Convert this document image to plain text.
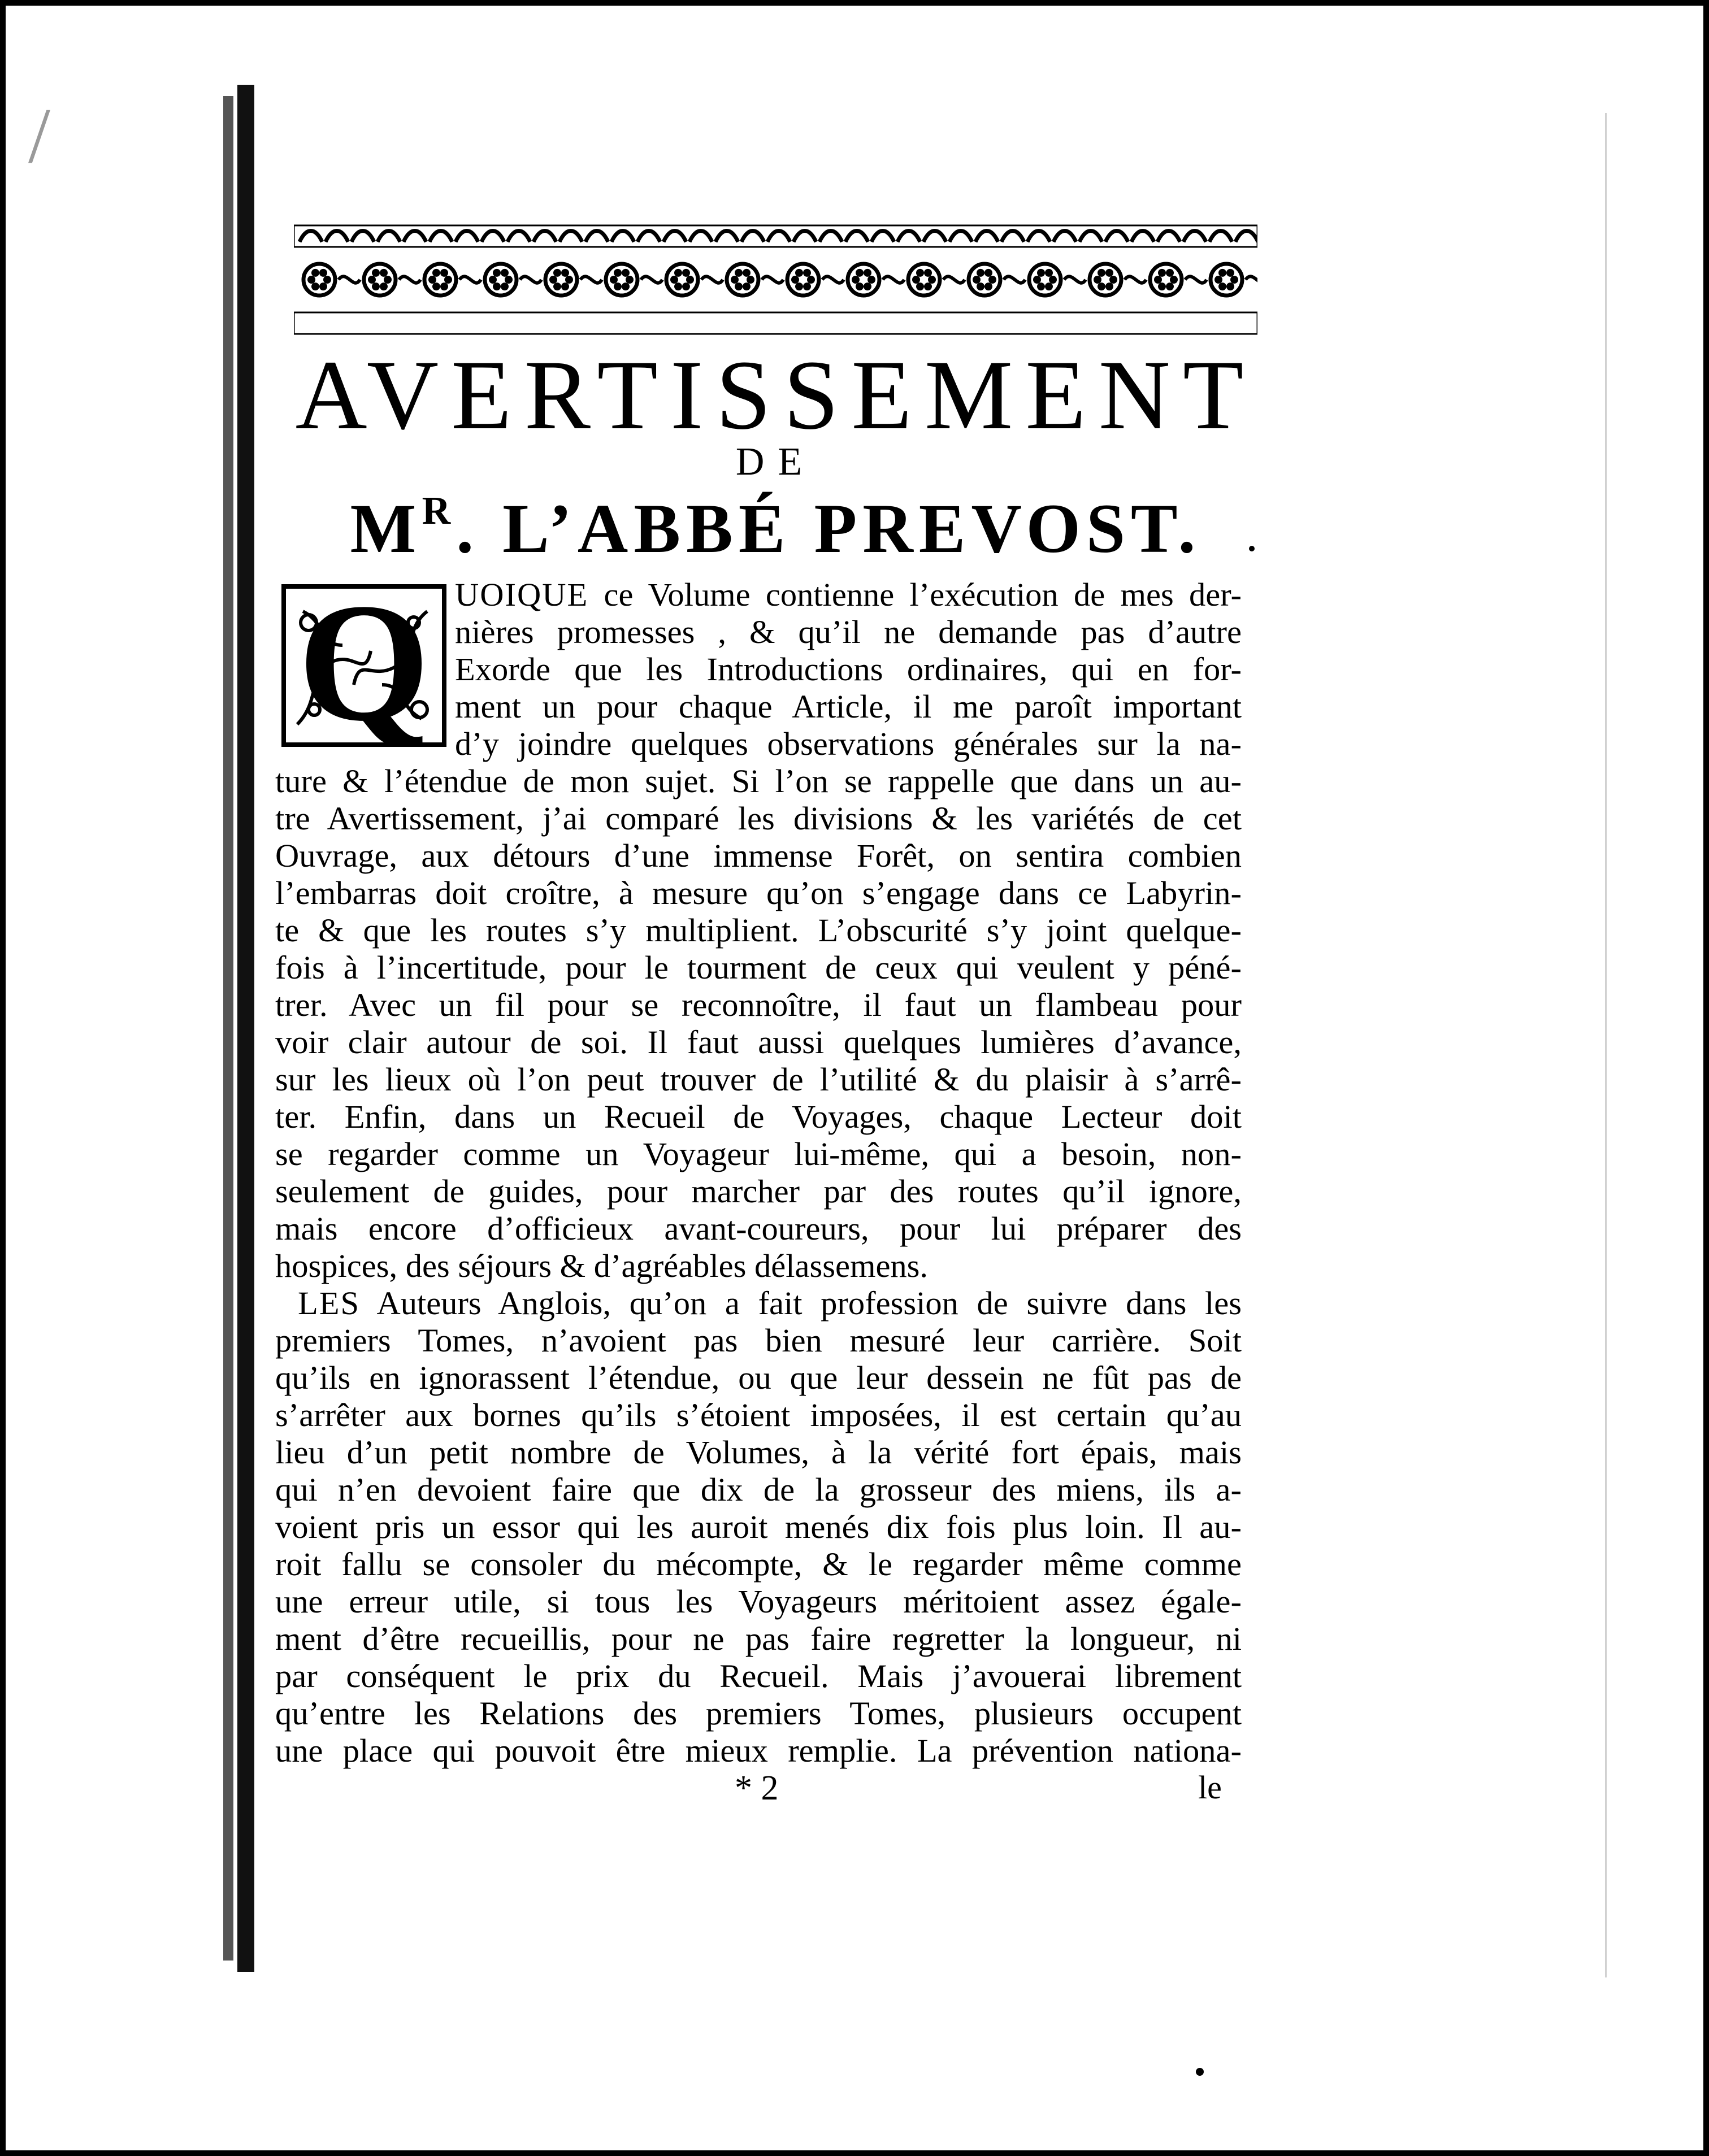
/
AVERTISSEMENT
DE
$M^R$. L’ABBÉ PREVOST.
Q UOIQUE ce Volume contienne l’exécution de mes der-
nières promesses , & qu’il ne demande pas d’autre
Exorde que les Introductions ordinaires, qui en for-
ment un pour chaque Article, il me paroît important
d’y joindre quelques observations générales sur la na-
ture & l’étendue de mon sujet. Si l’on se rappelle que dans un au-
tre Avertissement, j’ai comparé les divisions & les variétés de cet
Ouvrage, aux détours d’une immense Forêt, on sentira combien
l’embarras doit croître, à mesure qu’on s’engage dans ce Labyrin-
te & que les routes s’y multiplient. L’obscurité s’y joint quelque-
fois à l’incertitude, pour le tourment de ceux qui veulent y péné-
trer. Avec un fil pour se reconnoître, il faut un flambeau pour
voir clair autour de soi. Il faut aussi quelques lumières d’avance,
sur les lieux où l’on peut trouver de l’utilité & du plaisir à s’arrê-
ter. Enfin, dans un Recueil de Voyages, chaque Lecteur doit
se regarder comme un Voyageur lui-même, qui a besoin, non-
seulement de guides, pour marcher par des routes qu’il ignore,
mais encore d’officieux avant-coureurs, pour lui préparer des
hospices, des séjours & d’agréables délassemens.
LES Auteurs Anglois, qu’on a fait profession de suivre dans les
premiers Tomes, n’avoient pas bien mesuré leur carrière. Soit
qu’ils en ignorassent l’étendue, ou que leur dessein ne fût pas de
s’arrêter aux bornes qu’ils s’étoient imposées, il est certain qu’au
lieu d’un petit nombre de Volumes, à la vérité fort épais, mais
qui n’en devoient faire que dix de la grosseur des miens, ils a-
voient pris un essor qui les auroit menés dix fois plus loin. Il au-
roit fallu se consoler du mécompte, & le regarder même comme
une erreur utile, si tous les Voyageurs méritoient assez égale-
ment d’être recueillis, pour ne pas faire regretter la longueur, ni
par conséquent le prix du Recueil. Mais j’avouerai librement
qu’entre les Relations des premiers Tomes, plusieurs occupent
une place qui pouvoit être mieux remplie. La prévention nationa-
* 2	le
